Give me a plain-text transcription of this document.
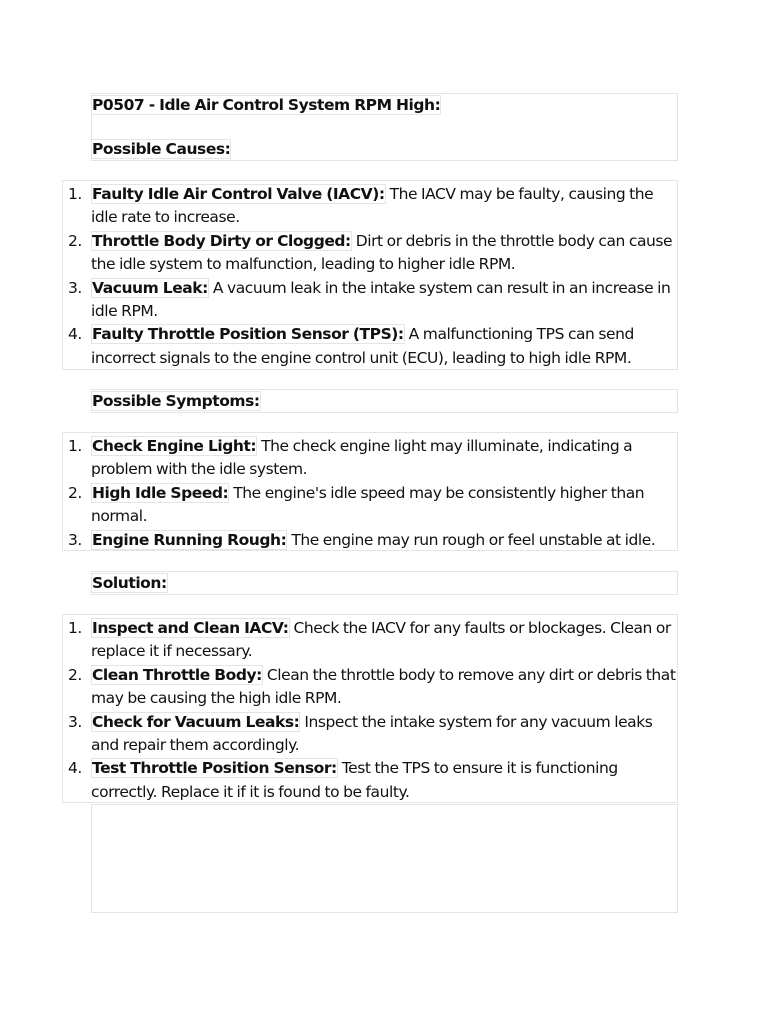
P0507 - Idle Air Control System RPM High:
Possible Causes:
1. Faulty Idle Air Control Valve (IACV): The IACV may be faulty, causing the idle rate to increase.
2. Throttle Body Dirty or Clogged: Dirt or debris in the throttle body can cause the idle system to malfunction, leading to higher idle RPM.
3. Vacuum Leak: A vacuum leak in the intake system can result in an increase in idle RPM.
4. Faulty Throttle Position Sensor (TPS): A malfunctioning TPS can send incorrect signals to the engine control unit (ECU), leading to high idle RPM.
Possible Symptoms:
1. Check Engine Light: The check engine light may illuminate, indicating a problem with the idle system.
2. High Idle Speed: The engine's idle speed may be consistently higher than normal.
3. Engine Running Rough: The engine may run rough or feel unstable at idle.
Solution:
1. Inspect and Clean IACV: Check the IACV for any faults or blockages. Clean or replace it if necessary.
2. Clean Throttle Body: Clean the throttle body to remove any dirt or debris that may be causing the high idle RPM.
3. Check for Vacuum Leaks: Inspect the intake system for any vacuum leaks and repair them accordingly.
4. Test Throttle Position Sensor: Test the TPS to ensure it is functioning correctly. Replace it if it is found to be faulty.
